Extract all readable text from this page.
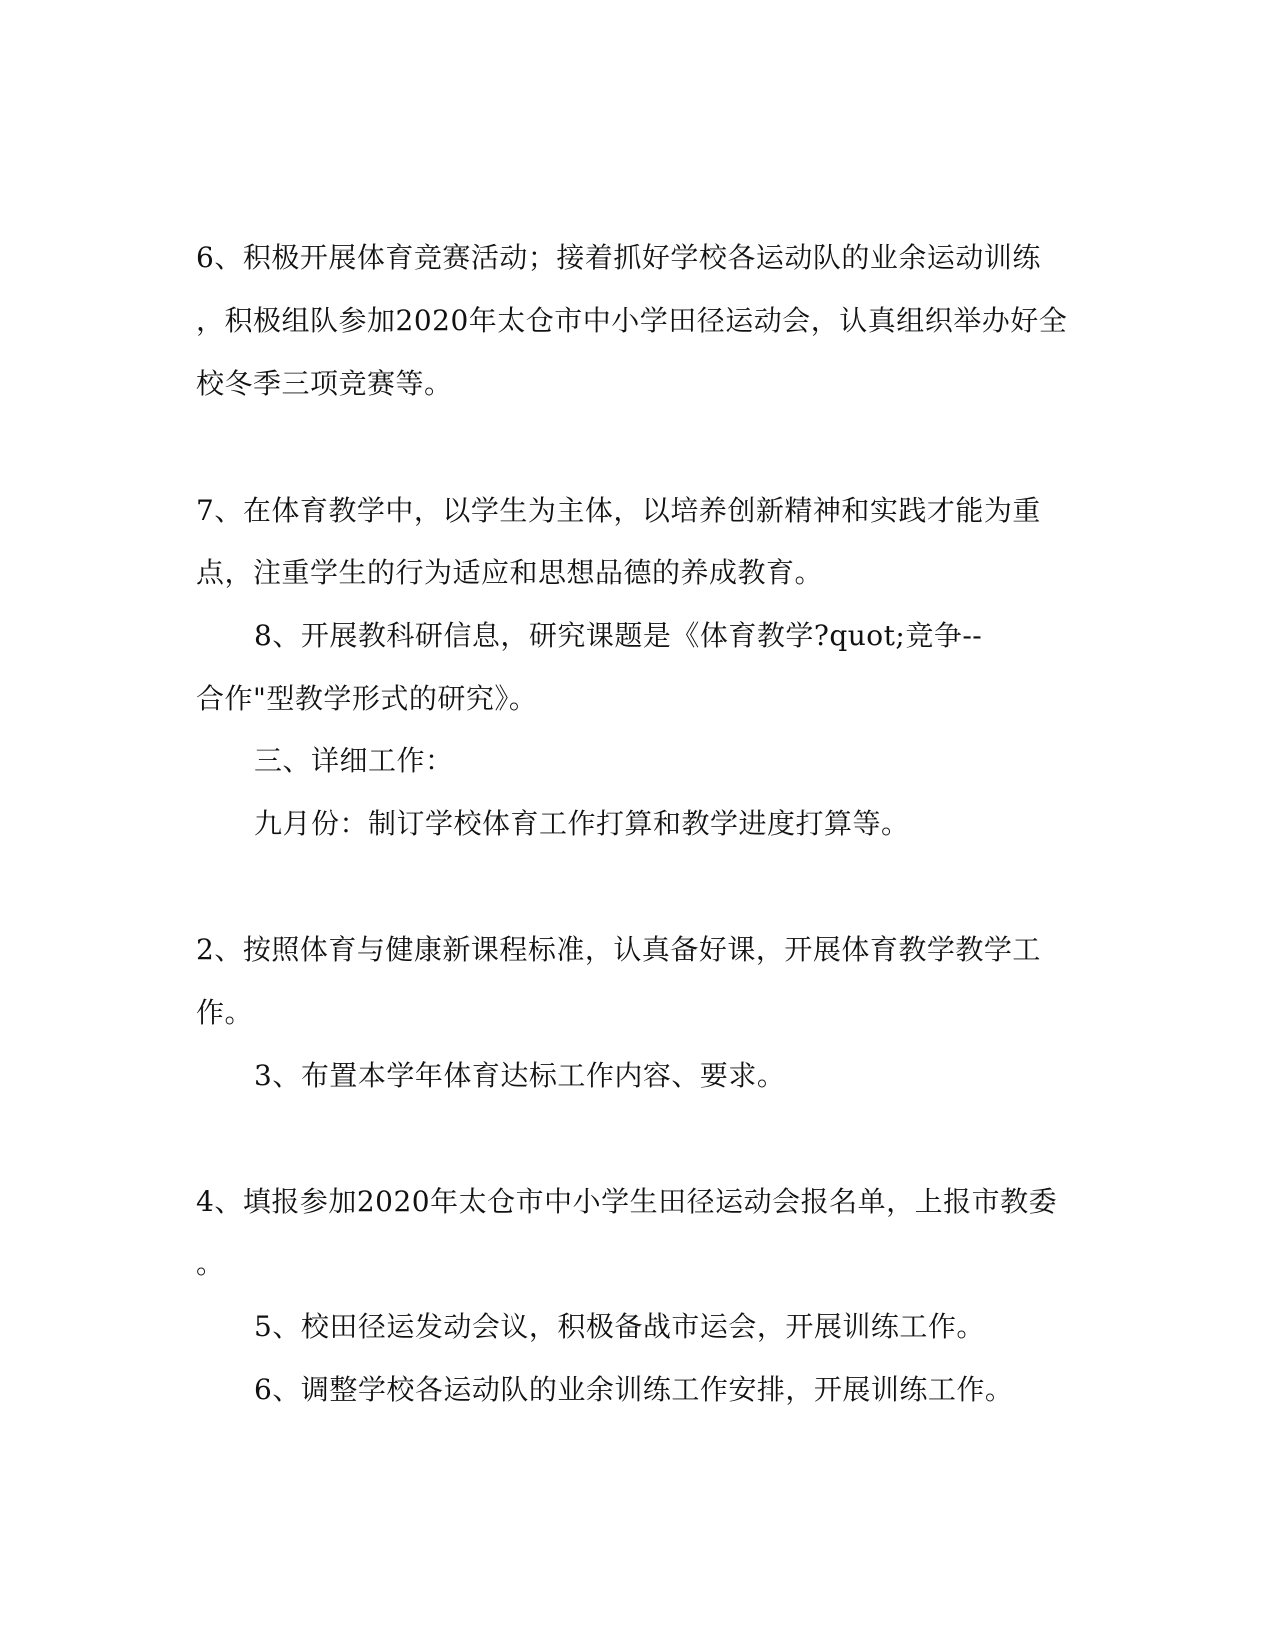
6、积极开展体育竞赛活动；接着抓好学校各运动队的业余运动训练
，积极组队参加2020年太仓市中小学田径运动会，认真组织举办好全
校冬季三项竞赛等。
7、在体育教学中，以学生为主体，以培养创新精神和实践才能为重
点，注重学生的行为适应和思想品德的养成教育。
8、开展教科研信息，研究课题是《体育教学?quot;竞争--
合作"型教学形式的研究》。
三、详细工作：
九月份：制订学校体育工作打算和教学进度打算等。
2、按照体育与健康新课程标准，认真备好课，开展体育教学教学工
作。
3、布置本学年体育达标工作内容、要求。
4、填报参加2020年太仓市中小学生田径运动会报名单，上报市教委
。
5、校田径运发动会议，积极备战市运会，开展训练工作。
6、调整学校各运动队的业余训练工作安排，开展训练工作。
